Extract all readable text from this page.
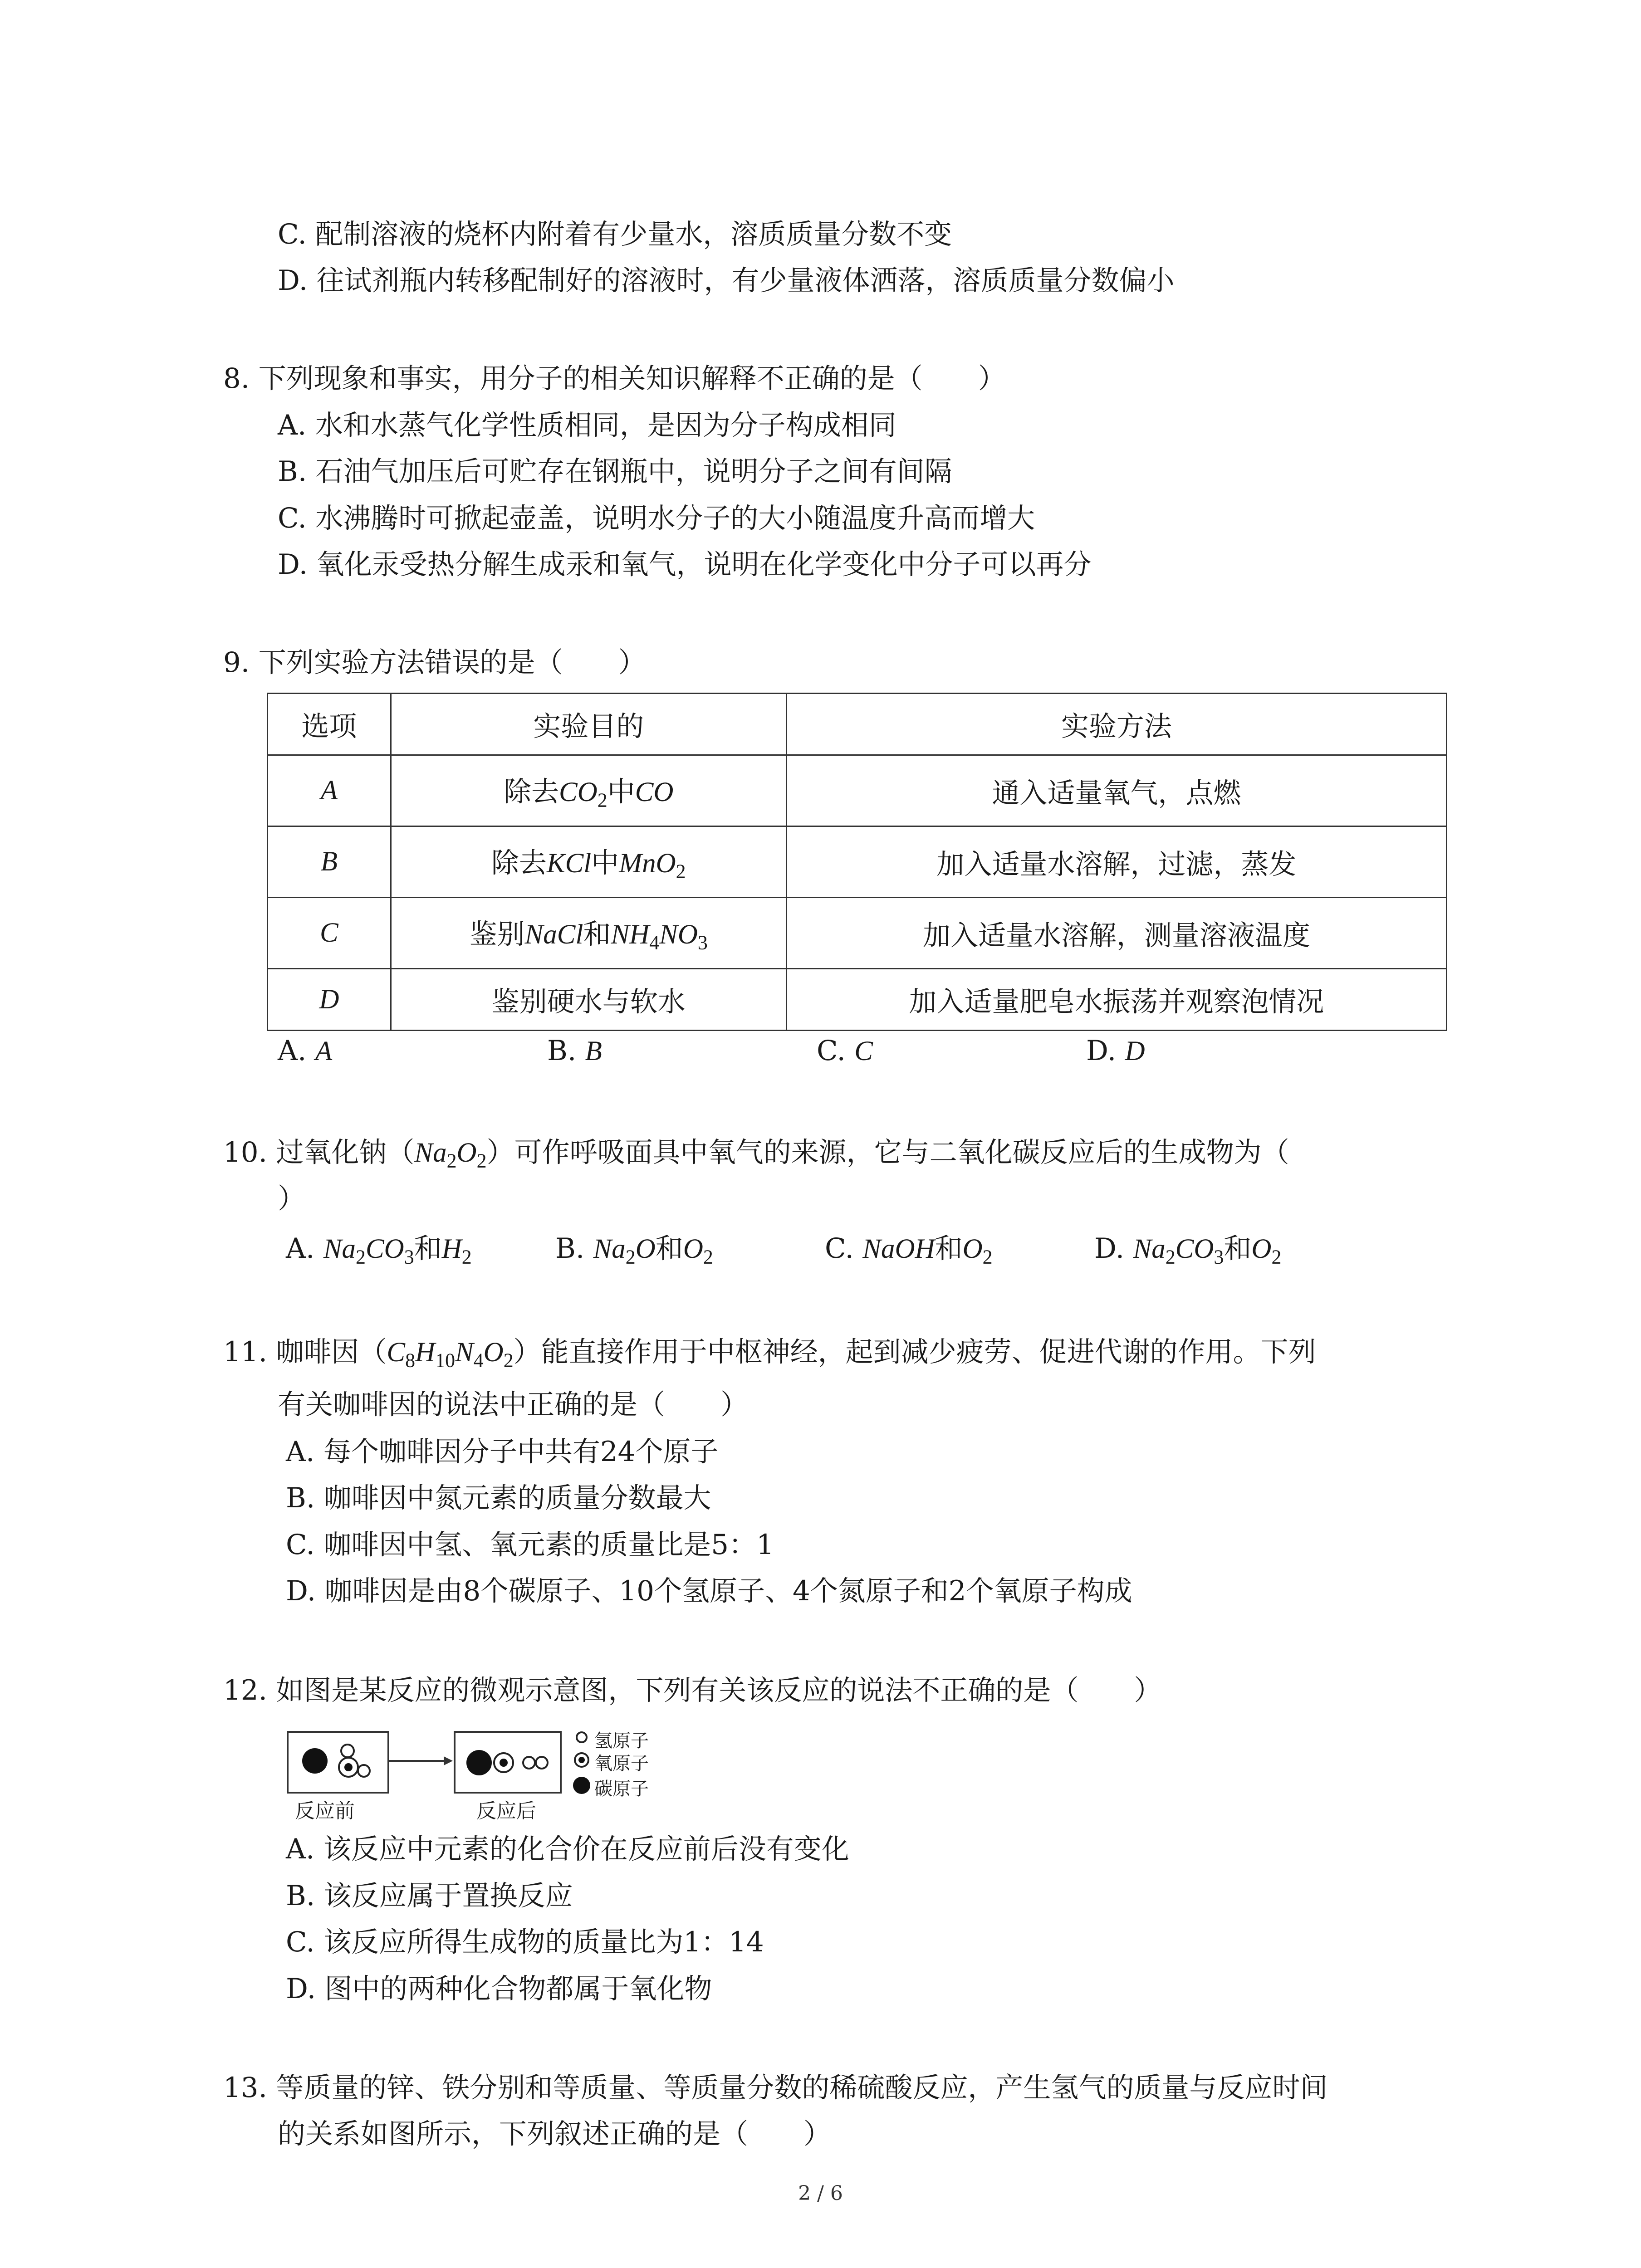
C. 配制溶液的烧杯内附着有少量水，溶质质量分数不变
D. 往试剂瓶内转移配制好的溶液时，有少量液体洒落，溶质质量分数偏小
8. 下列现象和事实，用分子的相关知识解释不正确的是（　　）
A. 水和水蒸气化学性质相同，是因为分子构成相同
B. 石油气加压后可贮存在钢瓶中，说明分子之间有间隔
C. 水沸腾时可掀起壶盖，说明水分子的大小随温度升高而增大
D. 氧化汞受热分解生成汞和氧气，说明在化学变化中分子可以再分
9. 下列实验方法错误的是（　　）
选项	实验目的	实验方法
A	除去$CO_2$中CO	通入适量氧气，点燃
B	除去KCl中MnO$_2$	加入适量水溶解，过滤，蒸发
C	鉴别NaCl和$NH_4NO_3$	加入适量水溶解，测量溶液温度
D	鉴别硬水与软水	加入适量肥皂水振荡并观察泡情况
A. A	B. B	C. C	D. D
10. 过氧化钠$(Na_2O_2)$可作呼吸面具中氧气的来源，它与二氧化碳反应后的生成物为（
）
A. $Na_2CO_3$和$H_2$	B. $Na_2O$和$O_2$	C. NaOH和$O_2$	D. $Na_2CO_3$和$O_2$
11. 咖啡因$(C_8H_{10}N_4O_2)$能直接作用于中枢神经，起到减少疲劳、促进代谢的作用。下列
有关咖啡因的说法中正确的是（　　）
A. 每个咖啡因分子中共有24个原子
B. 咖啡因中氮元素的质量分数最大
C. 咖啡因中氢、氧元素的质量比是5：1
D. 咖啡因是由8个碳原子、10个氢原子、4个氮原子和2个氧原子构成
12. 如图是某反应的微观示意图，下列有关该反应的说法不正确的是（　　）
反应前	反应后
氢原子
氧原子
碳原子
A. 该反应中元素的化合价在反应前后没有变化
B. 该反应属于置换反应
C. 该反应所得生成物的质量比为1：14
D. 图中的两种化合物都属于氧化物
13. 等质量的锌、铁分别和等质量、等质量分数的稀硫酸反应，产生氢气的质量与反应时间
的关系如图所示，下列叙述正确的是（　　）
2 / 6
